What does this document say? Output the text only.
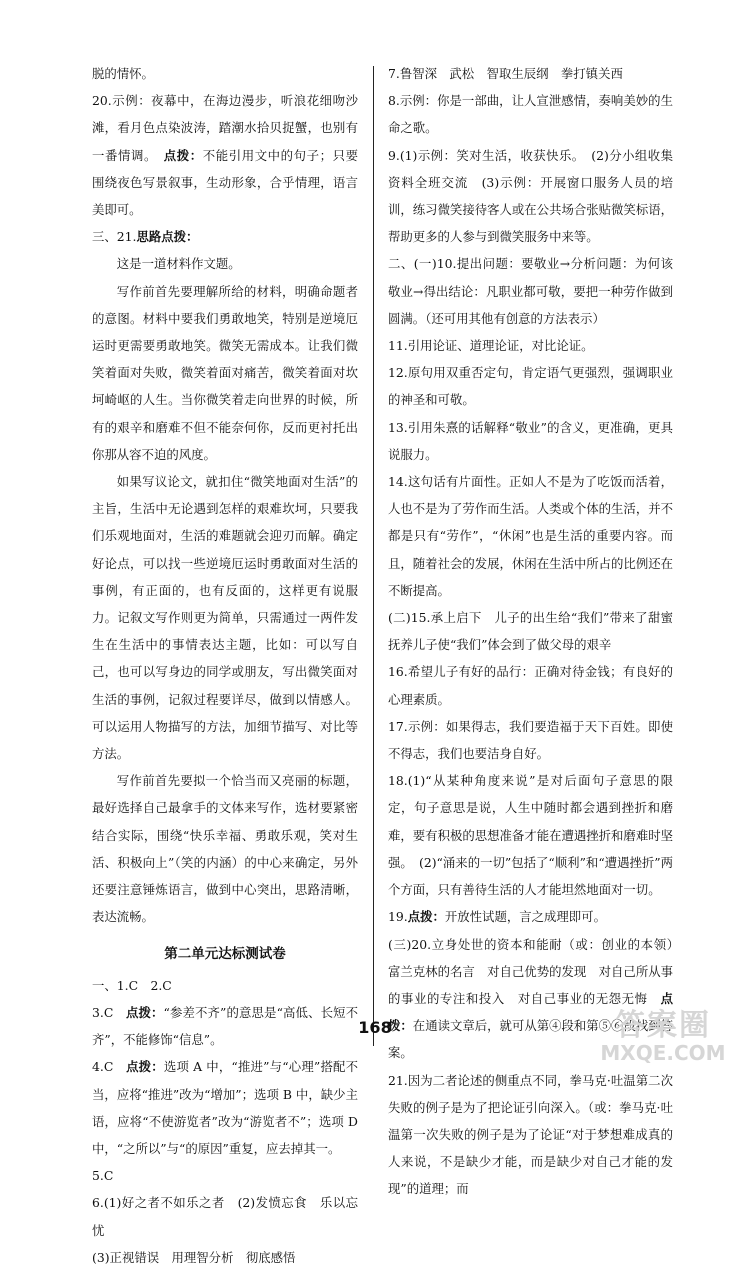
脱的情怀。

20.示例：夜幕中，在海边漫步，听浪花细吻沙滩，看月色点染波涛，踏潮水拾贝捉蟹，也别有一番情调。　 点拨：不能引用文中的句子；只要围绕夜色写景叙事，生动形象，合乎情理，语言美即可。

三、21.思路点拨：

这是一道材料作文题。

写作前首先要理解所给的材料，明确命题者的意图。材料中要我们勇敢地笑，特别是逆境厄运时更需要勇敢地笑。微笑无需成本。让我们微笑着面对失败，微笑着面对痛苦，微笑着面对坎坷崎岖的人生。当你微笑着走向世界的时候，所有的艰辛和磨难不但不能奈何你，反而更衬托出你那从容不迫的风度。

如果写议论文，就扣住“微笑地面对生活”的主旨，生活中无论遇到怎样的艰难坎坷，只要我们乐观地面对，生活的难题就会迎刃而解。确定好论点，可以找一些逆境厄运时勇敢面对生活的事例，有正面的，也有反面的，这样更有说服力。记叙文写作则更为简单，只需通过一两件发生在生活中的事情表达主题，比如：可以写自己，也可以写身边的同学或朋友，写出微笑面对生活的事例，记叙过程要详尽，做到以情感人。可以运用人物描写的方法，加细节描写、对比等方法。

写作前首先要拟一个恰当而又亮丽的标题，最好选择自己最拿手的文体来写作，选材要紧密结合实际，围绕“快乐幸福、勇敢乐观，笑对生活、积极向上”（笑的内涵）的中心来确定，另外还要注意锤炼语言，做到中心突出，思路清晰，表达流畅。

第二单元达标测试卷

一、1.C　2.C

3.C　 点拨：“参差不齐”的意思是“高低、长短不齐”，不能修饰“信息”。

4.C　 点拨：选项 A 中，“推进”与“心理”搭配不当，应将“推进”改为“增加”；选项 B 中，缺少主语，应将“不使游览者”改为“游览者不”；选项 D 中，“之所以”与“的原因”重复，应去掉其一。

5.C

6.(1)好之者不如乐之者　(2)发愤忘食　乐以忘忧

(3)正视错误　用理智分析　彻底感悟

7.鲁智深　武松　智取生辰纲　拳打镇关西

8.示例：你是一部曲，让人宣泄感情，奏响美妙的生命之歌。

9.(1)示例：笑对生活，收获快乐。　(2)分小组收集资料全班交流　(3)示例：开展窗口服务人员的培训，练习微笑接待客人或在公共场合张贴微笑标语，帮助更多的人参与到微笑服务中来等。

二、(一)10.提出问题：要敬业→分析问题：为何该敬业→得出结论：凡职业都可敬，要把一种劳作做到圆满。（还可用其他有创意的方法表示）

11.引用论证、道理论证，对比论证。

12.原句用双重否定句，肯定语气更强烈，强调职业的神圣和可敬。

13.引用朱熹的话解释“敬业”的含义，更准确，更具说服力。

14.这句话有片面性。正如人不是为了吃饭而活着，人也不是为了劳作而生活。人类或个体的生活，并不都是只有“劳作”，“休闲”也是生活的重要内容。而且，随着社会的发展，休闲在生活中所占的比例还在不断提高。

(二)15.承上启下　儿子的出生给“我们”带来了甜蜜抚养儿子使“我们”体会到了做父母的艰辛

16.希望儿子有好的品行：正确对待金钱；有良好的心理素质。

17.示例：如果得志，我们要造福于天下百姓。即使不得志，我们也要洁身自好。

18.(1)“从某种角度来说”是对后面句子意思的限定，句子意思是说，人生中随时都会遇到挫折和磨难，要有积极的思想准备才能在遭遇挫折和磨难时坚强。　(2)“涌来的一切”包括了“顺利”和“遭遇挫折”两个方面，只有善待生活的人才能坦然地面对一切。

19.点拨：开放性试题，言之成理即可。

(三)20.立身处世的资本和能耐（或：创业的本领）　富兰克林的名言　对自己优势的发现　对自己所从事的事业的专注和投入　对自己事业的无怨无悔　 点拨：在通读文章后，就可从第④段和第⑤⑥段找到答案。

21.因为二者论述的侧重点不同，拳马克·吐温第二次失败的例子是为了把论证引向深入。（或：拳马克·吐温第一次失败的例子是为了论证“对于梦想难成真的人来说，不是缺少才能，而是缺少对自己才能的发现”的道理；而

168	答案圈
MXQE.COM
